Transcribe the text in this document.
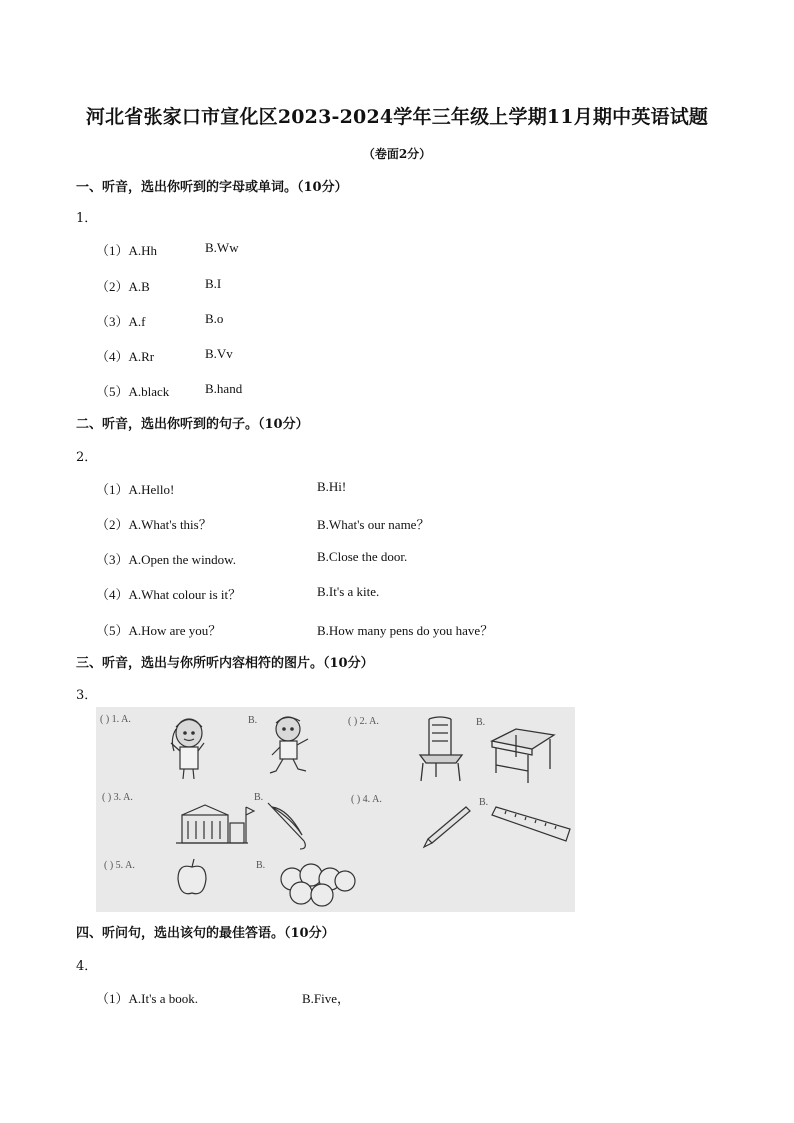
河北省张家口市宣化区2023-2024学年三年级上学期11月期中英语试题
（卷面2分）
一、听音，选出你听到的字母或单词。（10分）
1．
（1）A.Hh	B.Ww
（2）A.B	B.I
（3）A.f	B.o
（4）A.Rr	B.Vv
（5）A.black	B.hand
二、听音，选出你听到的句子。（10分）
2．
（1）A.Hello!	B.Hi!
（2）A.What's this？	B.What's our name？
（3）A.Open the window.	B.Close the door.
（4）A.What colour is it？	B.It's a kite.
（5）A.How are you？	B.How many pens do you have？
三、听音，选出与你所听内容相符的图片。（10分）
3．
( ) 1. A.	B.	( ) 2. A.	B.
( ) 3. A.	B.	( ) 4. A.	B.
( ) 5. A.	B.
四、听问句，选出该句的最佳答语。（10分）
4．
（1）A.It's a book.	B.Five，
